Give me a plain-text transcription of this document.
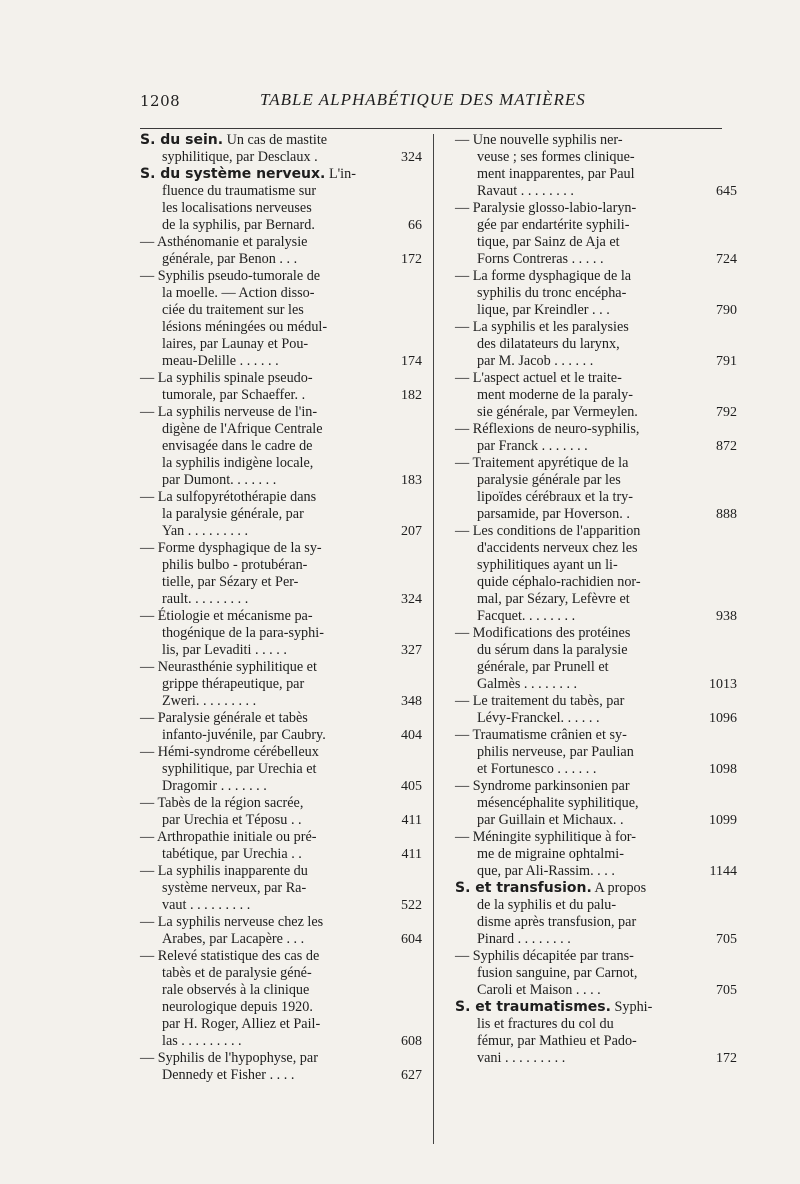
1208	TABLE ALPHABÉTIQUE DES MATIÈRES
S. du sein. Un cas de mastite
syphilitique, par Desclaux .	324
S. du système nerveux. L'in-
fluence du traumatisme sur
les localisations nerveuses
de la syphilis, par Bernard.	66
— Asthénomanie et paralysie
générale, par Benon . . .	172
— Syphilis pseudo-tumorale de
la moelle. — Action disso-
ciée du traitement sur les
lésions méningées ou médul-
laires, par Launay et Pou-
meau-Delille . . . . . .	174
— La syphilis spinale pseudo-
tumorale, par Schaeffer. .	182
— La syphilis nerveuse de l'in-
digène de l'Afrique Centrale
envisagée dans le cadre de
la syphilis indigène locale,
par Dumont. . . . . . .	183
— La sulfopyrétothérapie dans
la paralysie générale, par
Yan . . . . . . . . .	207
— Forme dysphagique de la sy-
philis bulbo - protubéran-
tielle, par Sézary et Per-
rault. . . . . . . . .	324
— Étiologie et mécanisme pa-
thogénique de la para-syphi-
lis, par Levaditi . . . . .	327
— Neurasthénie syphilitique et
grippe thérapeutique, par
Zweri. . . . . . . . .	348
— Paralysie générale et tabès
infanto-juvénile, par Caubry.	404
— Hémi-syndrome cérébelleux
syphilitique, par Urechia et
Dragomir . . . . . . .	405
— Tabès de la région sacrée,
par Urechia et Téposu . .	411
— Arthropathie initiale ou pré-
tabétique, par Urechia . .	411
— La syphilis inapparente du
système nerveux, par Ra-
vaut . . . . . . . . .	522
— La syphilis nerveuse chez les
Arabes, par Lacapère . . .	604
— Relevé statistique des cas de
tabès et de paralysie géné-
rale observés à la clinique
neurologique depuis 1920.
par H. Roger, Alliez et Pail-
las . . . . . . . . .	608
— Syphilis de l'hypophyse, par
Dennedy et Fisher . . . .	627
— Une nouvelle syphilis ner-
veuse ; ses formes clinique-
ment inapparentes, par Paul
Ravaut . . . . . . . .	645
— Paralysie glosso-labio-laryn-
gée par endartérite syphili-
tique, par Sainz de Aja et
Forns Contreras . . . . .	724
— La forme dysphagique de la
syphilis du tronc encépha-
lique, par Kreindler . . .	790
— La syphilis et les paralysies
des dilatateurs du larynx,
par M. Jacob . . . . . .	791
— L'aspect actuel et le traite-
ment moderne de la paraly-
sie générale, par Vermeylen.	792
— Réflexions de neuro-syphilis,
par Franck . . . . . . .	872
— Traitement apyrétique de la
paralysie générale par les
lipoïdes cérébraux et la try-
parsamide, par Hoverson. .	888
— Les conditions de l'apparition
d'accidents nerveux chez les
syphilitiques ayant un li-
quide céphalo-rachidien nor-
mal, par Sézary, Lefèvre et
Facquet. . . . . . . .	938
— Modifications des protéines
du sérum dans la paralysie
générale, par Prunell et
Galmès . . . . . . . .	1013
— Le traitement du tabès, par
Lévy-Franckel. . . . . .	1096
— Traumatisme crânien et sy-
philis nerveuse, par Paulian
et Fortunesco . . . . . .	1098
— Syndrome parkinsonien par
mésencéphalite syphilitique,
par Guillain et Michaux. .	1099
— Méningite syphilitique à for-
me de migraine ophtalmi-
que, par Ali-Rassim. . . .	1144
S. et transfusion. A propos
de la syphilis et du palu-
disme après transfusion, par
Pinard . . . . . . . .	705
— Syphilis décapitée par trans-
fusion sanguine, par Carnot,
Caroli et Maison . . . .	705
S. et traumatismes. Syphi-
lis et fractures du col du
fémur, par Mathieu et Pado-
vani . . . . . . . . .	172
